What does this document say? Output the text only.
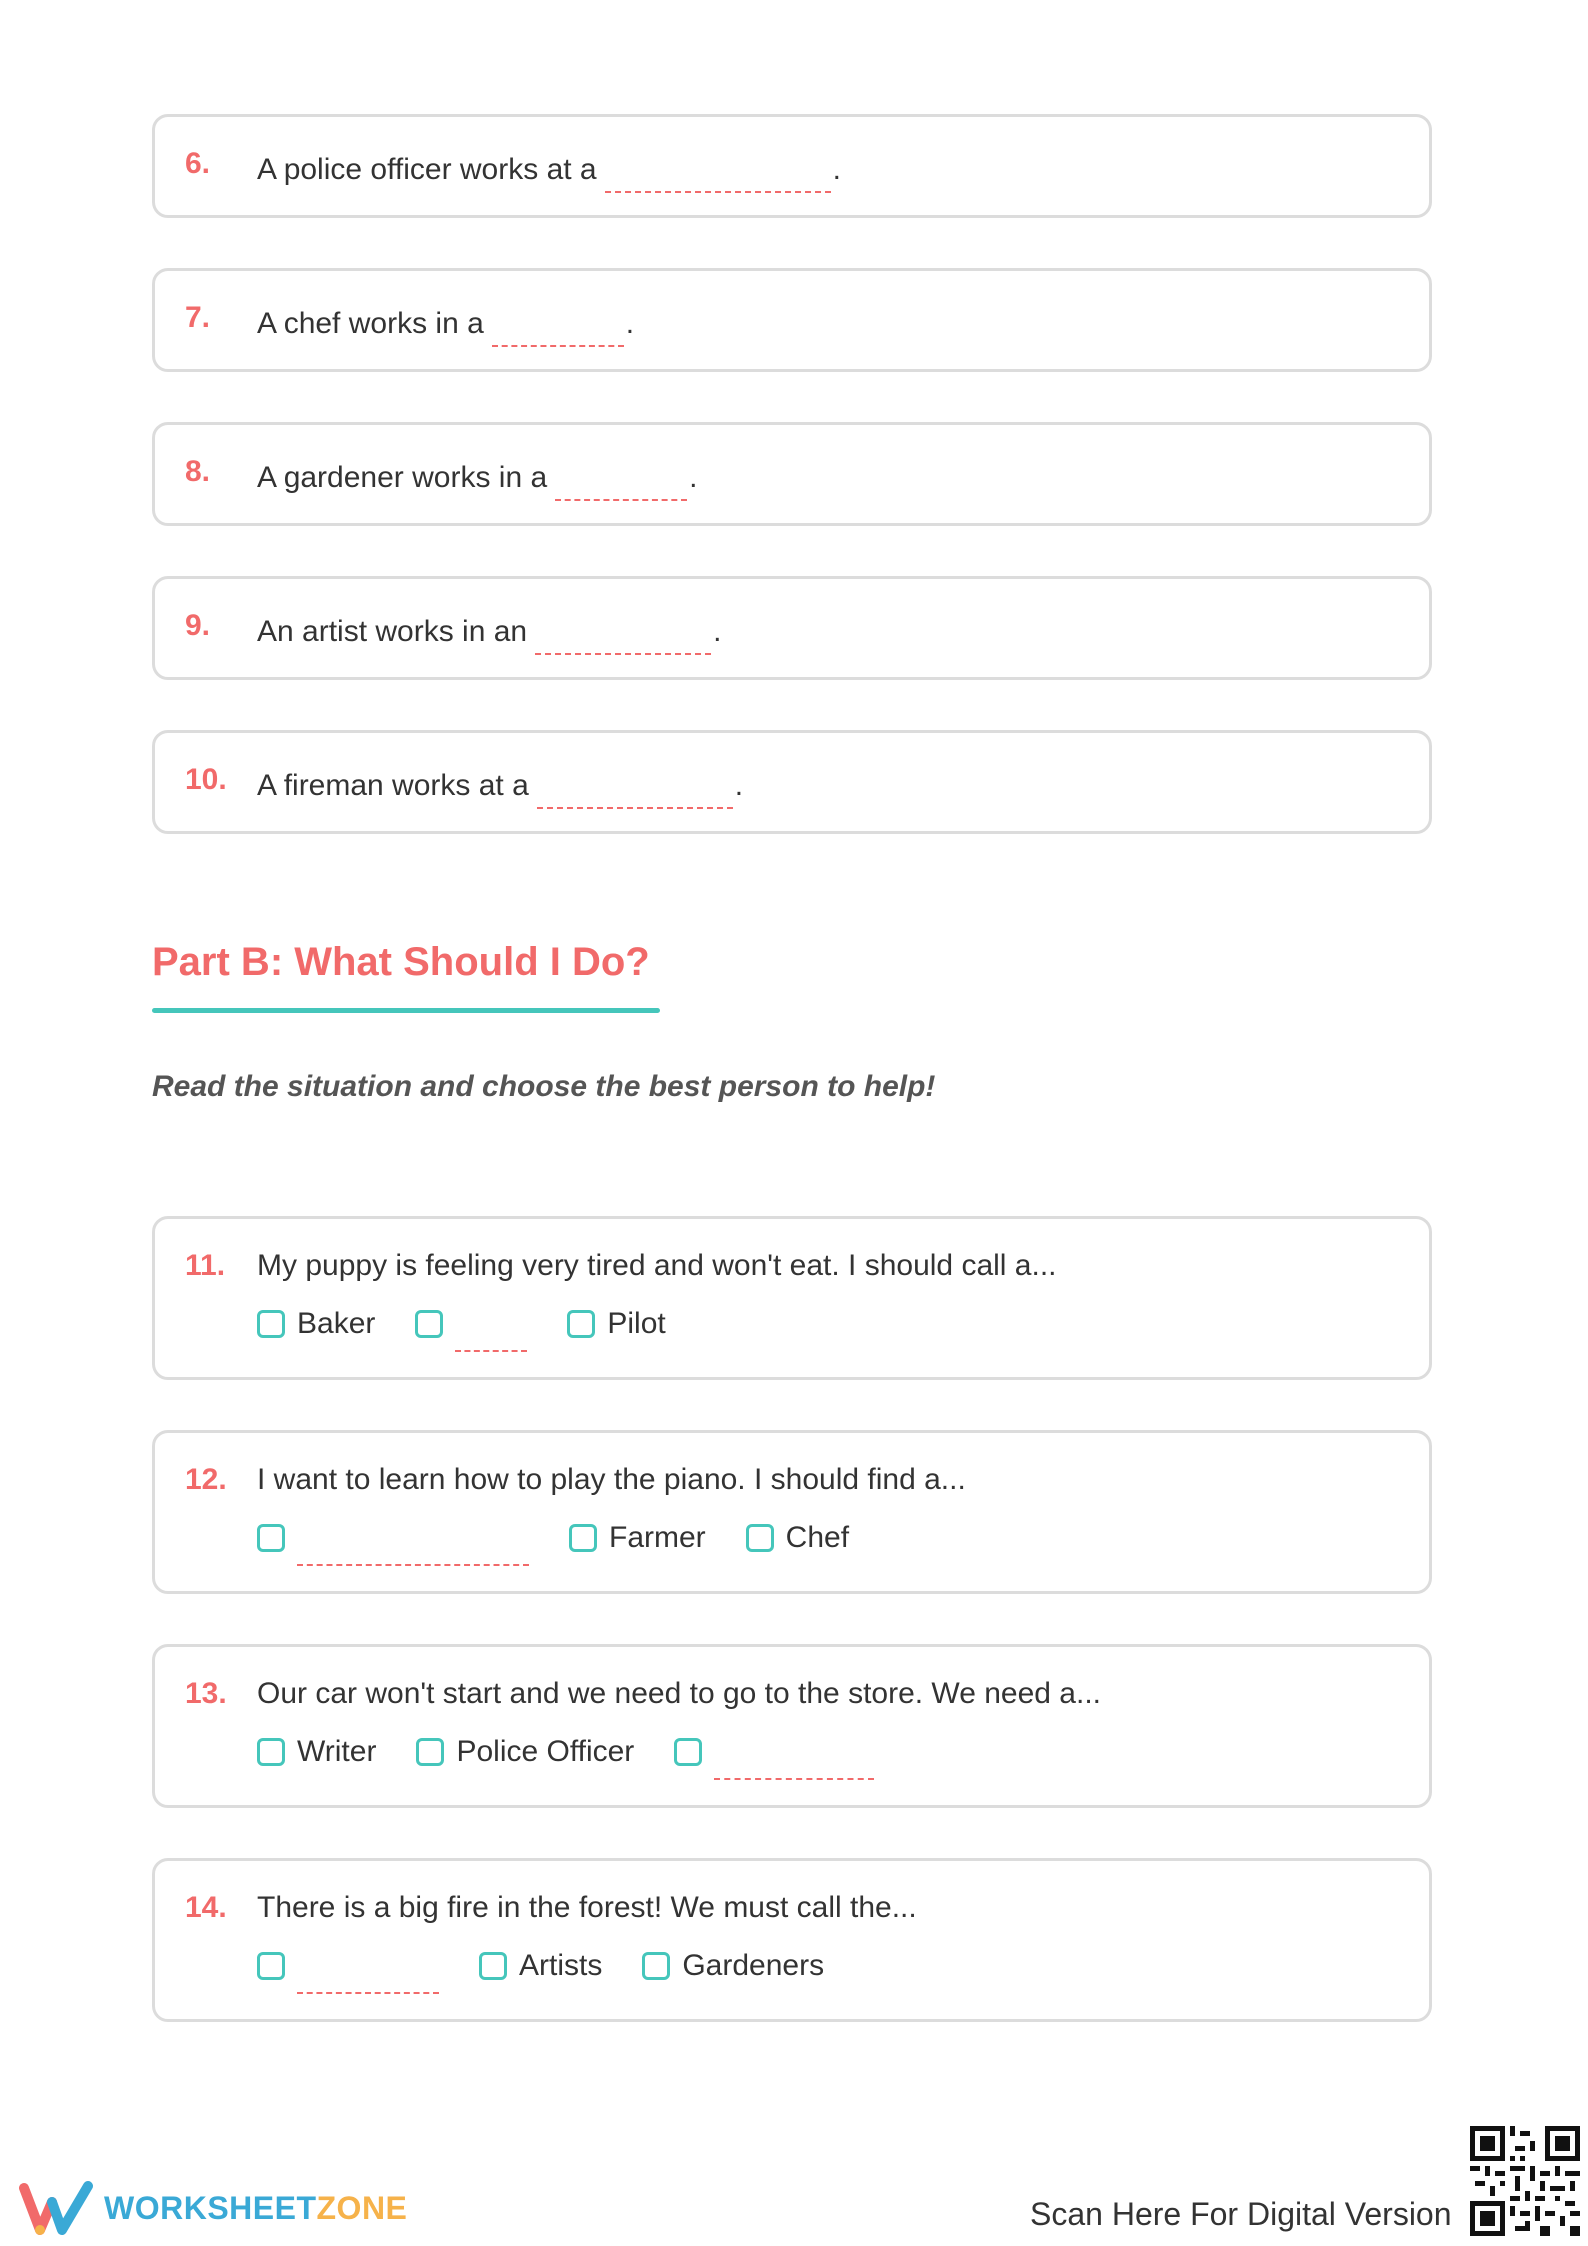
6. A police officer works at a	.
7. A chef works in a	.
8. A gardener works in a	.
9. An artist works in an	.
10. A fireman works at a	.
Part B: What Should I Do?
Read the situation and choose the best person to help!
11. My puppy is feeling very tired and won't eat. I should call a...
Baker	Pilot
12. I want to learn how to play the piano. I should find a...
Farmer	Chef
13. Our car won't start and we need to go to the store. We need a...
Writer	Police Officer
14. There is a big fire in the forest! We must call the...
Artists	Gardeners
WORKSHEETZONE	Scan Here For Digital Version
